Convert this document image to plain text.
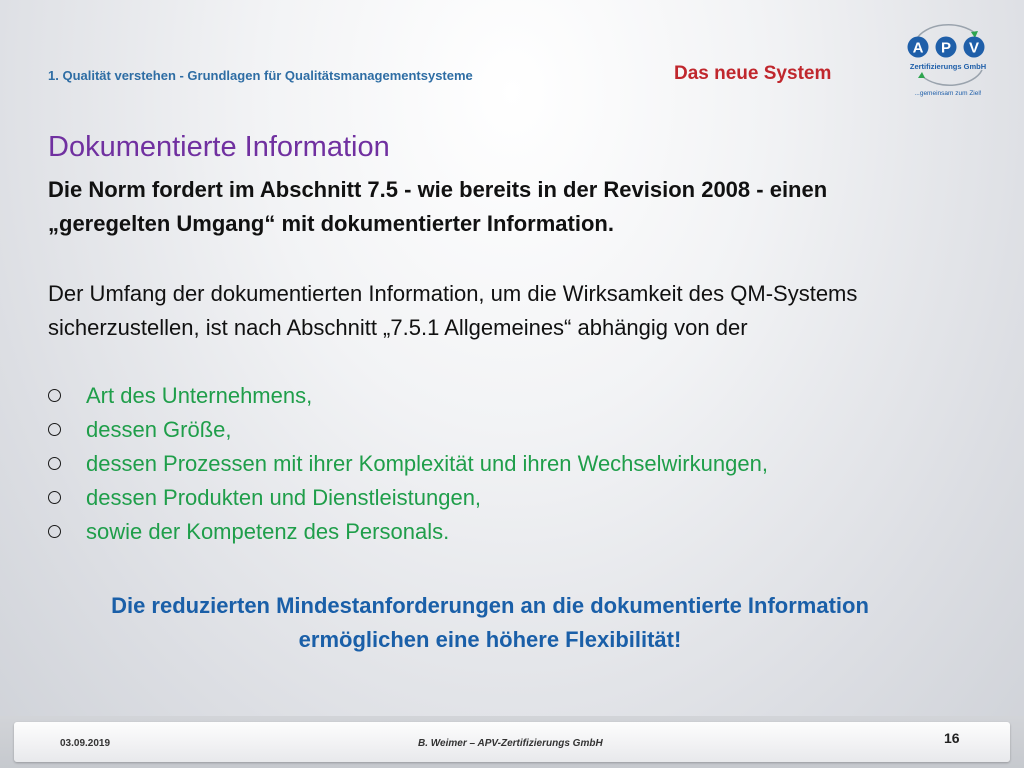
1. Qualität verstehen - Grundlagen für Qualitätsmanagementsysteme	Das neue System
A P V
Zertifizierungs GmbH
...gemeinsam zum Ziel!
Dokumentierte Information
Die Norm fordert im Abschnitt 7.5 - wie bereits in der Revision 2008 - einen „geregelten Umgang“ mit dokumentierter Information.
Der Umfang der dokumentierten Information, um die Wirksamkeit des QM-Systems sicherzustellen, ist nach Abschnitt „7.5.1 Allgemeines“ abhängig von der
Art des Unternehmens,
dessen Größe,
dessen Prozessen mit ihrer Komplexität und ihren Wechselwirkungen,
dessen Produkten und Dienstleistungen,
sowie der Kompetenz des Personals.
Die reduzierten Mindestanforderungen an die dokumentierte Information ermöglichen eine höhere Flexibilität!
03.09.2019	B. Weimer – APV-Zertifizierungs GmbH	16
